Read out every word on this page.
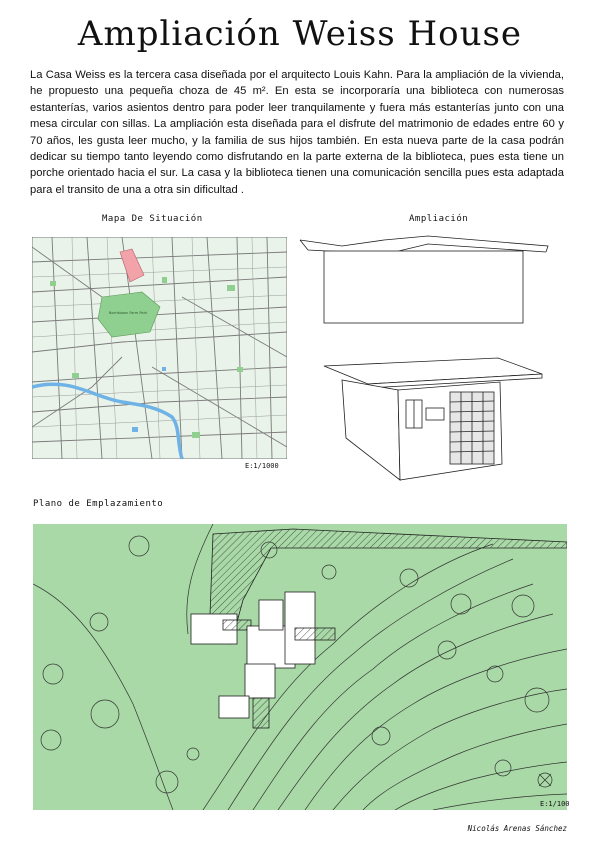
Ampliación Weiss House
La Casa Weiss es la tercera casa diseñada por el arquitecto Louis Kahn. Para la ampliación de la vivienda, he propuesto una pequeña choza de 45 m². En esta se incorporaría una biblioteca con numerosas estanterías, varios asientos dentro para poder leer tranquilamente y fuera más estanterías junto con una mesa circular con sillas. La ampliación esta diseñada para el disfrute del matrimonio de edades entre 60 y 70 años, les gusta leer mucho, y la familia de sus hijos también. En esta nueva parte de la casa podrán dedicar su tiempo tanto leyendo como disfrutando en la parte externa de la biblioteca, pues esta tiene un porche orientado hacia el sur. La casa y la biblioteca tienen una comunicación sencilla pues esta adaptada para el transito de una a otra sin dificultad .
Mapa De Situación
Norristown Farm Park
E:1/1000
Ampliación
Plano de Emplazamiento
E:1/100
Nicolás Arenas Sánchez
